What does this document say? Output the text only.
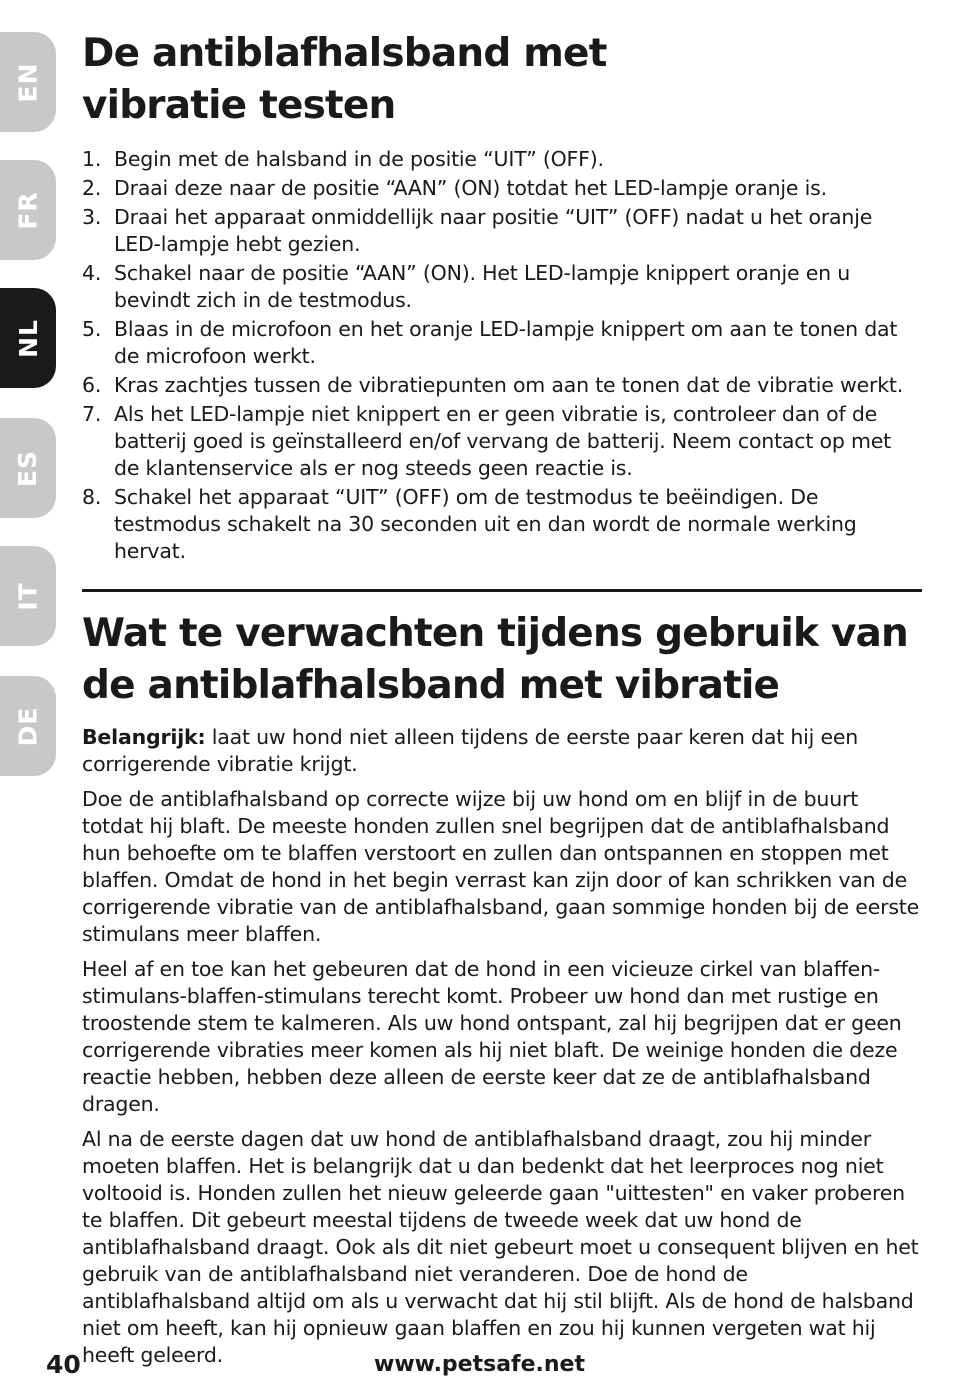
EN
FR
NL
ES
IT
DE
De antiblafhalsband met
vibratie testen
1. Begin met de halsband in de positie “UIT” (OFF).
2. Draai deze naar de positie “AAN” (ON) totdat het LED-lampje oranje is.
3. Draai het apparaat onmiddellijk naar positie “UIT” (OFF) nadat u het oranje LED-lampje hebt gezien.
4. Schakel naar de positie “AAN” (ON). Het LED-lampje knippert oranje en u bevindt zich in de testmodus.
5. Blaas in de microfoon en het oranje LED-lampje knippert om aan te tonen dat de microfoon werkt.
6. Kras zachtjes tussen de vibratiepunten om aan te tonen dat de vibratie werkt.
7. Als het LED-lampje niet knippert en er geen vibratie is, controleer dan of de batterij goed is geïnstalleerd en/of vervang de batterij. Neem contact op met de klantenservice als er nog steeds geen reactie is.
8. Schakel het apparaat “UIT” (OFF) om de testmodus te beëindigen. De testmodus schakelt na 30 seconden uit en dan wordt de normale werking hervat.
Wat te verwachten tijdens gebruik van
de antiblafhalsband met vibratie

Belangrijk: laat uw hond niet alleen tijdens de eerste paar keren dat hij een corrigerende vibratie krijgt.

Doe de antiblafhalsband op correcte wijze bij uw hond om en blijf in de buurt totdat hij blaft. De meeste honden zullen snel begrijpen dat de antiblafhalsband hun behoefte om te blaffen verstoort en zullen dan ontspannen en stoppen met blaffen. Omdat de hond in het begin verrast kan zijn door of kan schrikken van de corrigerende vibratie van de antiblafhalsband, gaan sommige honden bij de eerste stimulans meer blaffen.

Heel af en toe kan het gebeuren dat de hond in een vicieuze cirkel van blaffen-stimulans-blaffen-stimulans terecht komt. Probeer uw hond dan met rustige en troostende stem te kalmeren. Als uw hond ontspant, zal hij begrijpen dat er geen corrigerende vibraties meer komen als hij niet blaft. De weinige honden die deze reactie hebben, hebben deze alleen de eerste keer dat ze de antiblafhalsband dragen.

Al na de eerste dagen dat uw hond de antiblafhalsband draagt, zou hij minder moeten blaffen. Het is belangrijk dat u dan bedenkt dat het leerproces nog niet voltooid is. Honden zullen het nieuw geleerde gaan "uittesten" en vaker proberen te blaffen. Dit gebeurt meestal tijdens de tweede week dat uw hond de antiblafhalsband draagt. Ook als dit niet gebeurt moet u consequent blijven en het gebruik van de antiblafhalsband niet veranderen. Doe de hond de antiblafhalsband altijd om als u verwacht dat hij stil blijft. Als de hond de halsband niet om heeft, kan hij opnieuw gaan blaffen en zou hij kunnen vergeten wat hij heeft geleerd.

40	www.petsafe.net
